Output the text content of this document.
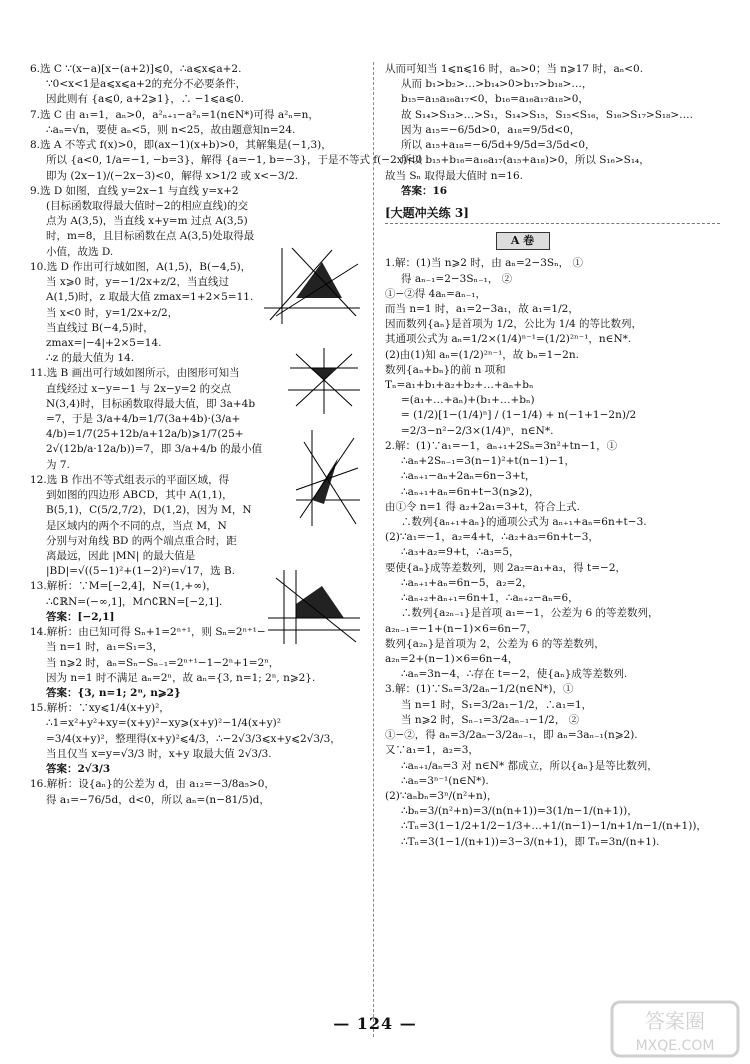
6.选 C ∵(x−a)[x−(a+2)]⩽0，∴a⩽x⩽a+2.
∵0<x<1是a⩽x⩽a+2的充分不必要条件，
因此则有 {a⩽0, a+2⩾1}，∴ −1⩽a⩽0.
7.选 C 由 a₁=1，aₙ>0，a²ₙ₊₁−a²ₙ=1(n∈N*)可得 a²ₙ=n，
∴aₙ=√n，要使 aₙ<5，则 n<25，故由题意知n=24.
8.选 A 不等式 f(x)>0，即(ax−1)(x+b)>0，其解集是(−1,3)，
所以 {a<0, 1/a=−1, −b=3}，解得 {a=−1, b=−3}，于是不等式 f(−2x)<0
即为 (2x−1)/(−2x−3)<0，解得 x>1/2 或 x<−3/2.
9.选 D 如图，直线 y=2x−1 与直线 y=x+2
(目标函数取得最大值时−2的相应直线)的交
点为 A(3,5)，当直线 x+y=m 过点 A(3,5)
时，m=8，且目标函数在点 A(3,5)处取得最
小值，故选 D.
10.选 D 作出可行域如图，A(1,5)，B(−4,5)，
当 x⩾0 时，y=−1/2x+z/2，当直线过
A(1,5)时，z 取最大值 zmax=1+2×5=11.
当 x<0 时，y=1/2x+z/2，
当直线过 B(−4,5)时，
zmax=|−4|+2×5=14.
∴z 的最大值为 14.
11.选 B 画出可行域如图所示，由图形可知当
直线经过 x−y=−1 与 2x−y=2 的交点
N(3,4)时，目标函数取得最大值，即 3a+4b
=7，于是 3/a+4/b=1/7(3a+4b)·(3/a+
4/b)=1/7(25+12b/a+12a/b)⩾1/7(25+
2√(12b/a·12a/b))=7，即 3/a+4/b 的最小值
为 7.
12.选 B 作出不等式组表示的平面区域，得
到如图的四边形 ABCD，其中 A(1,1)，
B(5,1)，C(5/2,7/2)，D(1,2)，因为 M，N
是区域内的两个不同的点，当点 M，N
分别与对角线 BD 的两个端点重合时，距
离最远，因此 |MN| 的最大值是
|BD|=√((5−1)²+(1−2)²)=√17，选 B.
13.解析：∵M=[−2,4]，N=(1,+∞)，
∴∁ℝN=(−∞,1]，M∩∁ℝN=[−2,1].
答案：[−2,1]
14.解析：由已知可得 Sₙ+1=2ⁿ⁺¹，则 Sₙ=2ⁿ⁺¹−1.
当 n=1 时，a₁=S₁=3，
当 n⩾2 时，aₙ=Sₙ−Sₙ₋₁=2ⁿ⁺¹−1−2ⁿ+1=2ⁿ，
因为 n=1 时不满足 aₙ=2ⁿ，故 aₙ={3, n=1; 2ⁿ, n⩾2}.
答案：{3, n=1; 2ⁿ, n⩾2}
15.解析：∵xy⩽1/4(x+y)²，
∴1=x²+y²+xy=(x+y)²−xy⩾(x+y)²−1/4(x+y)²
=3/4(x+y)²，整理得(x+y)²⩽4/3，∴−2√3/3⩽x+y⩽2√3/3，
当且仅当 x=y=√3/3 时，x+y 取最大值 2√3/3.
答案：2√3/3
16.解析：设{aₙ}的公差为 d，由 a₁₂=−3/8a₅>0，
得 a₁=−76/5d，d<0，所以 aₙ=(n−81/5)d，
从而可知当 1⩽n⩽16 时，aₙ>0；当 n⩾17 时，aₙ<0.
从而 b₁>b₂>…>b₁₄>0>b₁₇>b₁₈>…，
b₁₅=a₁₅a₁₆a₁₇<0，b₁₆=a₁₆a₁₇a₁₈>0，
故 S₁₄>S₁₃>…>S₁，S₁₄>S₁₅，S₁₅<S₁₆，S₁₆>S₁₇>S₁₈>….
因为 a₁₅=−6/5d>0，a₁₈=9/5d<0，
所以 a₁₅+a₁₈=−6/5d+9/5d=3/5d<0，
所以 b₁₅+b₁₆=a₁₆a₁₇(a₁₅+a₁₈)>0，所以 S₁₆>S₁₄，
故当 Sₙ 取得最大值时 n=16.
答案：16
[大题冲关练 3]
A 卷
1.解：(1)当 n⩾2 时，由 aₙ=2−3Sₙ， ①
得 aₙ₋₁=2−3Sₙ₋₁， ②
①−②得 4aₙ=aₙ₋₁，
而当 n=1 时，a₁=2−3a₁，故 a₁=1/2，
因而数列{aₙ}是首项为 1/2，公比为 1/4 的等比数列，
其通项公式为 aₙ=1/2×(1/4)ⁿ⁻¹=(1/2)²ⁿ⁻¹，n∈N*.
(2)由(1)知 aₙ=(1/2)²ⁿ⁻¹，故 bₙ=1−2n.
数列{aₙ+bₙ}的前 n 项和
Tₙ=a₁+b₁+a₂+b₂+…+aₙ+bₙ
=(a₁+…+aₙ)+(b₁+…+bₙ)
= (1/2)[1−(1/4)ⁿ] / (1−1/4) + n(−1+1−2n)/2
=2/3−n²−2/3×(1/4)ⁿ，n∈N*.
2.解：(1)∵a₁=−1，aₙ₊₁+2Sₙ=3n²+tn−1，①
∴aₙ+2Sₙ₋₁=3(n−1)²+t(n−1)−1，
∴aₙ₊₁−aₙ+2aₙ=6n−3+t，
∴aₙ₊₁+aₙ=6n+t−3(n⩾2)，
由①令 n=1 得 a₂+2a₁=3+t，符合上式.
∴数列{aₙ₊₁+aₙ}的通项公式为 aₙ₊₁+aₙ=6n+t−3.
(2)∵a₁=−1，a₂=4+t，∴a₂+a₃=6n+t−3，
∴a₃+a₂=9+t，∴a₃=5，
要使{aₙ}成等差数列，则 2a₂=a₁+a₃，得 t=−2，
∴aₙ₊₁+aₙ=6n−5，a₂=2，
∴aₙ₊₂+aₙ₊₁=6n+1，∴aₙ₊₂−aₙ=6，
∴数列{a₂ₙ₋₁}是首项 a₁=−1，公差为 6 的等差数列，
a₂ₙ₋₁=−1+(n−1)×6=6n−7，
数列{a₂ₙ}是首项为 2，公差为 6 的等差数列，
a₂ₙ=2+(n−1)×6=6n−4，
∴aₙ=3n−4，∴存在 t=−2，使{aₙ}成等差数列.
3.解：(1)∵Sₙ=3/2aₙ−1/2(n∈N*)，①
当 n=1 时，S₁=3/2a₁−1/2，∴a₁=1，
当 n⩾2 时，Sₙ₋₁=3/2aₙ₋₁−1/2， ②
①−②，得 aₙ=3/2aₙ−3/2aₙ₋₁，即 aₙ=3aₙ₋₁(n⩾2).
又∵a₁=1，a₂=3，
∴aₙ₊₁/aₙ=3 对 n∈N* 都成立，所以{aₙ}是等比数列，
∴aₙ=3ⁿ⁻¹(n∈N*).
(2)∵aₙbₙ=3ⁿ/(n²+n)，
∴bₙ=3/(n²+n)=3/(n(n+1))=3(1/n−1/(n+1))，
∴Tₙ=3(1−1/2+1/2−1/3+…+1/(n−1)−1/n+1/n−1/(n+1))，
∴Tₙ=3(1−1/(n+1))=3−3/(n+1)，即 Tₙ=3n/(n+1).
— 124 —	答案圈
MXQE.COM
